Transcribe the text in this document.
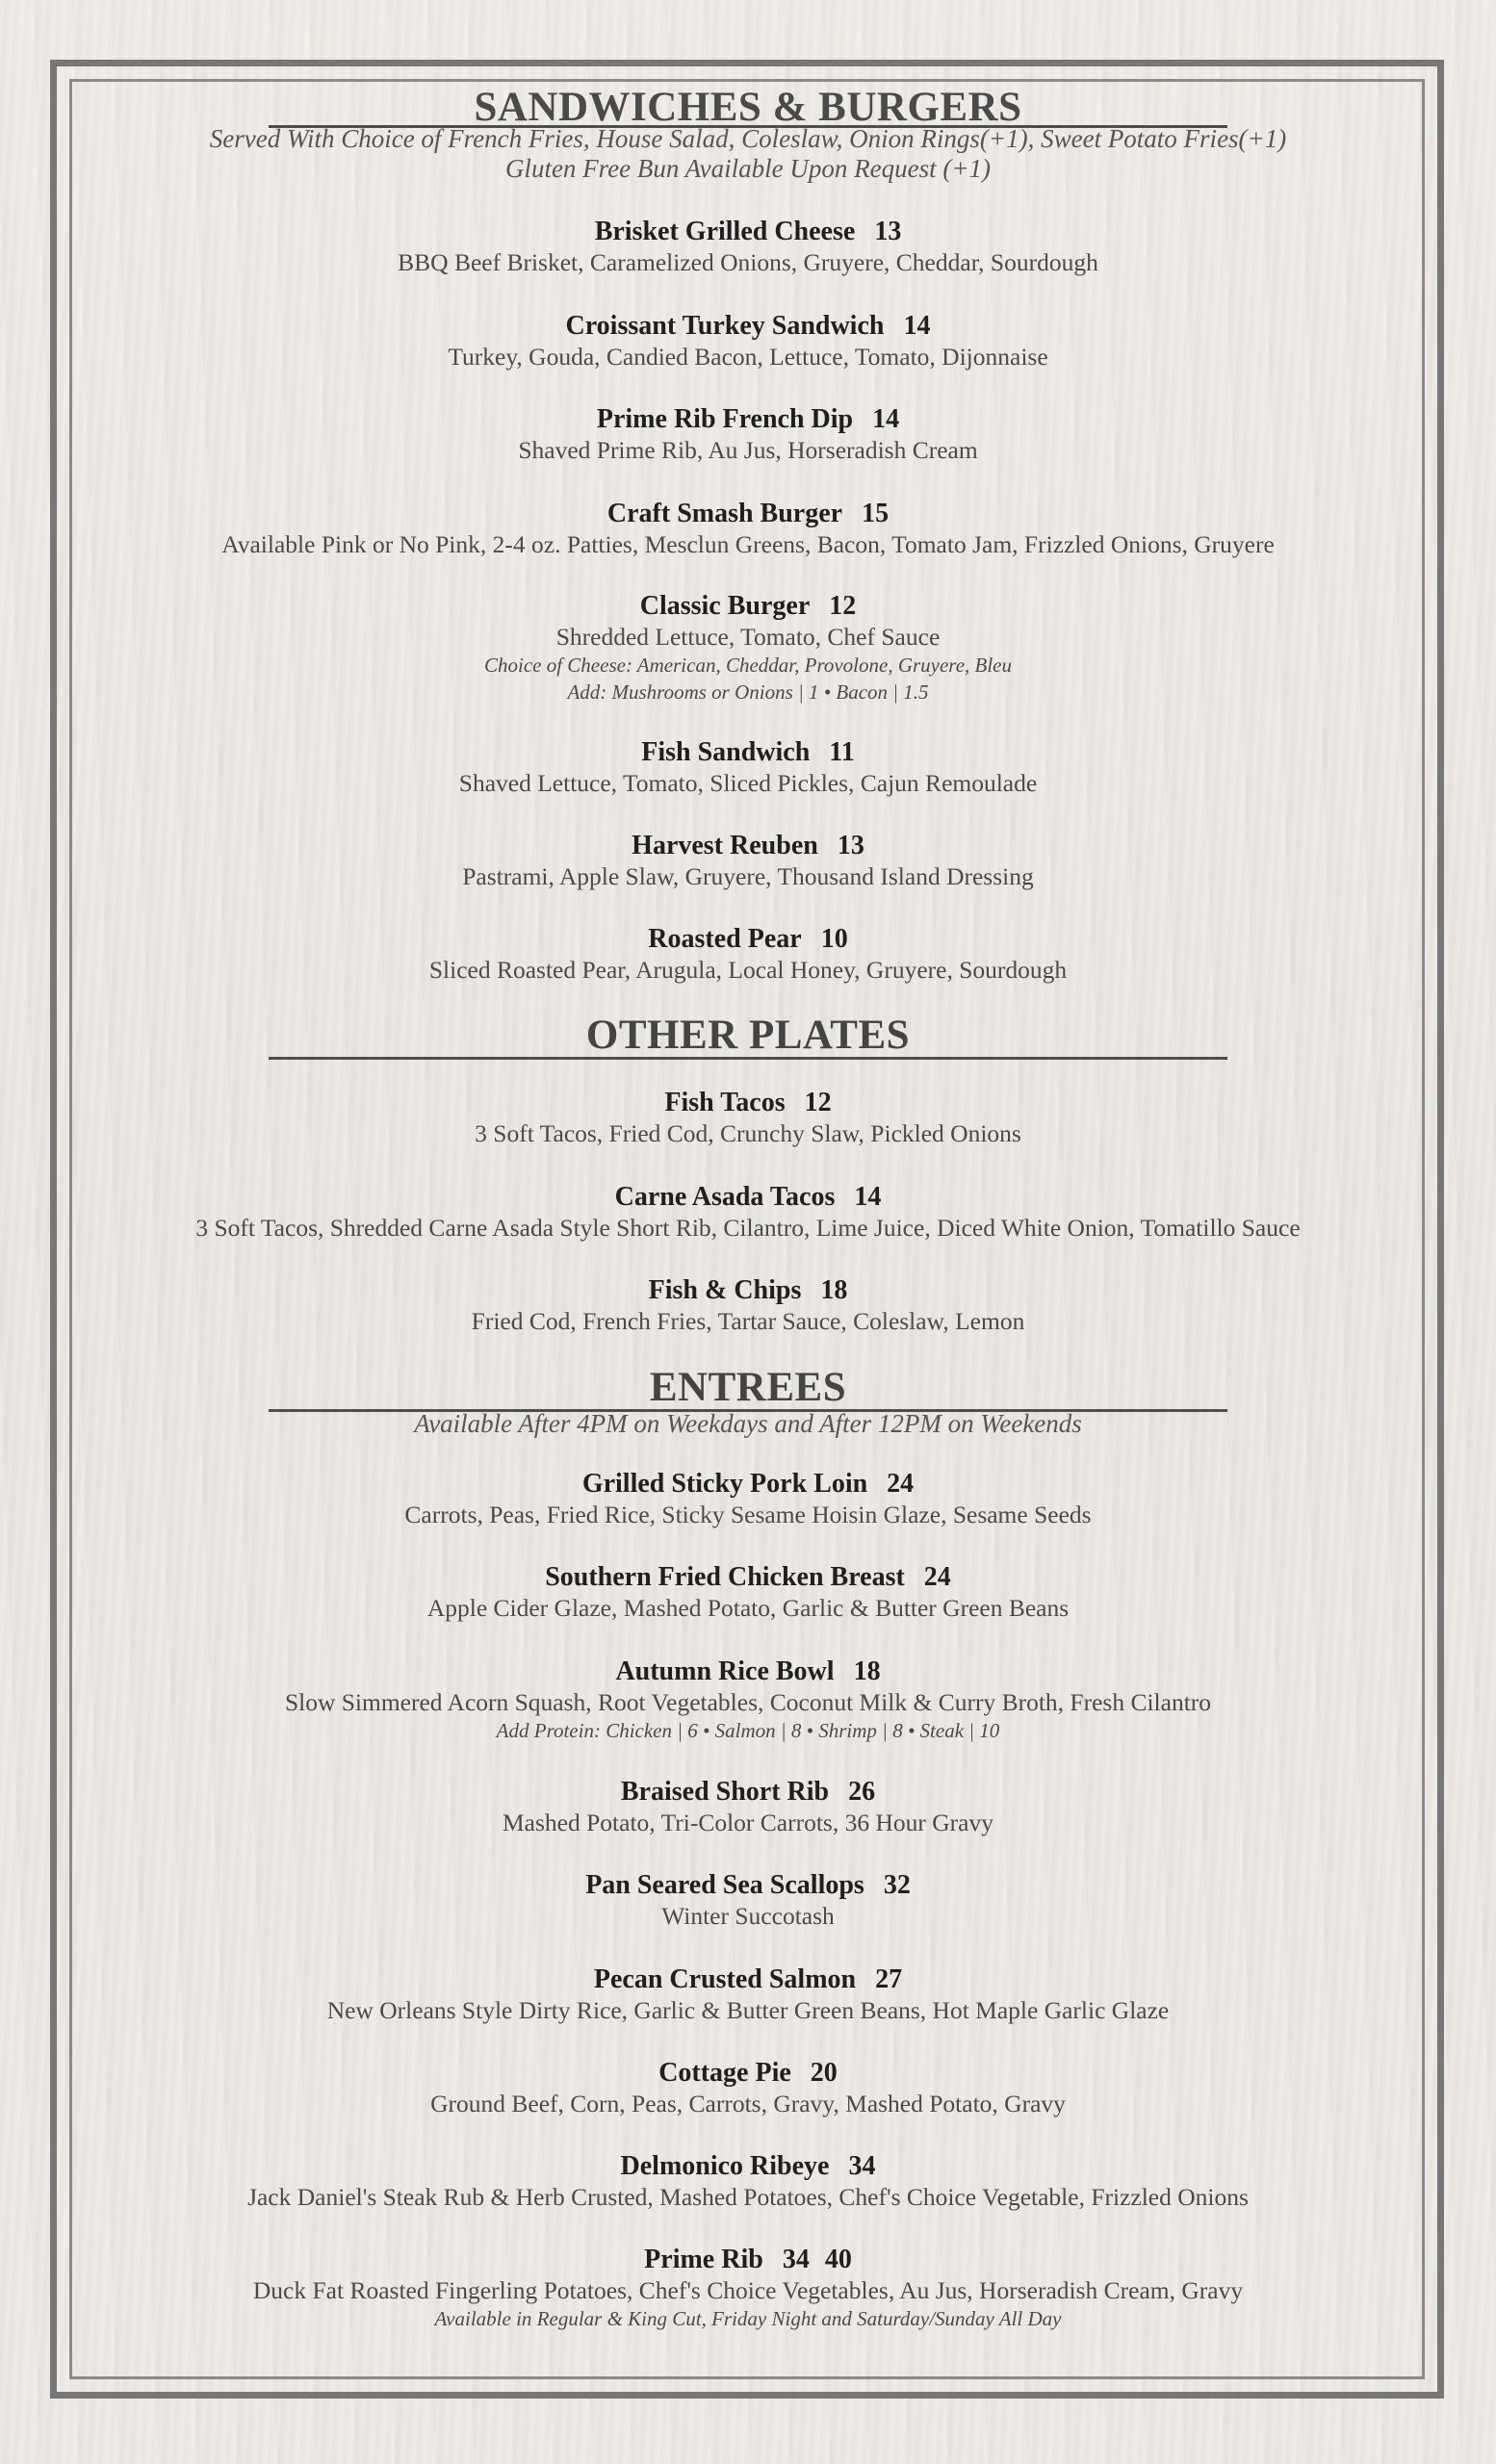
SANDWICHES & BURGERS
Served With Choice of French Fries, House Salad, Coleslaw, Onion Rings(+1), Sweet Potato Fries(+1)
Gluten Free Bun Available Upon Request (+1)
Brisket Grilled Cheese 13
BBQ Beef Brisket, Caramelized Onions, Gruyere, Cheddar, Sourdough
Croissant Turkey Sandwich 14
Turkey, Gouda, Candied Bacon, Lettuce, Tomato, Dijonnaise
Prime Rib French Dip 14
Shaved Prime Rib, Au Jus, Horseradish Cream
Craft Smash Burger 15
Available Pink or No Pink, 2-4 oz. Patties, Mesclun Greens, Bacon, Tomato Jam, Frizzled Onions, Gruyere
Classic Burger 12
Shredded Lettuce, Tomato, Chef Sauce
Choice of Cheese: American, Cheddar, Provolone, Gruyere, Bleu
Add: Mushrooms or Onions | 1 • Bacon | 1.5
Fish Sandwich 11
Shaved Lettuce, Tomato, Sliced Pickles, Cajun Remoulade
Harvest Reuben 13
Pastrami, Apple Slaw, Gruyere, Thousand Island Dressing
Roasted Pear 10
Sliced Roasted Pear, Arugula, Local Honey, Gruyere, Sourdough
OTHER PLATES
Fish Tacos 12
3 Soft Tacos, Fried Cod, Crunchy Slaw, Pickled Onions
Carne Asada Tacos 14
3 Soft Tacos, Shredded Carne Asada Style Short Rib, Cilantro, Lime Juice, Diced White Onion, Tomatillo Sauce
Fish & Chips 18
Fried Cod, French Fries, Tartar Sauce, Coleslaw, Lemon
ENTREES
Available After 4PM on Weekdays and After 12PM on Weekends
Grilled Sticky Pork Loin 24
Carrots, Peas, Fried Rice, Sticky Sesame Hoisin Glaze, Sesame Seeds
Southern Fried Chicken Breast 24
Apple Cider Glaze, Mashed Potato, Garlic & Butter Green Beans
Autumn Rice Bowl 18
Slow Simmered Acorn Squash, Root Vegetables, Coconut Milk & Curry Broth, Fresh Cilantro
Add Protein: Chicken | 6 • Salmon | 8 • Shrimp | 8 • Steak | 10
Braised Short Rib 26
Mashed Potato, Tri-Color Carrots, 36 Hour Gravy
Pan Seared Sea Scallops 32
Winter Succotash
Pecan Crusted Salmon 27
New Orleans Style Dirty Rice, Garlic & Butter Green Beans, Hot Maple Garlic Glaze
Cottage Pie 20
Ground Beef, Corn, Peas, Carrots, Gravy, Mashed Potato, Gravy
Delmonico Ribeye 34
Jack Daniel's Steak Rub & Herb Crusted, Mashed Potatoes, Chef's Choice Vegetable, Frizzled Onions
Prime Rib 34 40
Duck Fat Roasted Fingerling Potatoes, Chef's Choice Vegetables, Au Jus, Horseradish Cream, Gravy
Available in Regular & King Cut, Friday Night and Saturday/Sunday All Day
